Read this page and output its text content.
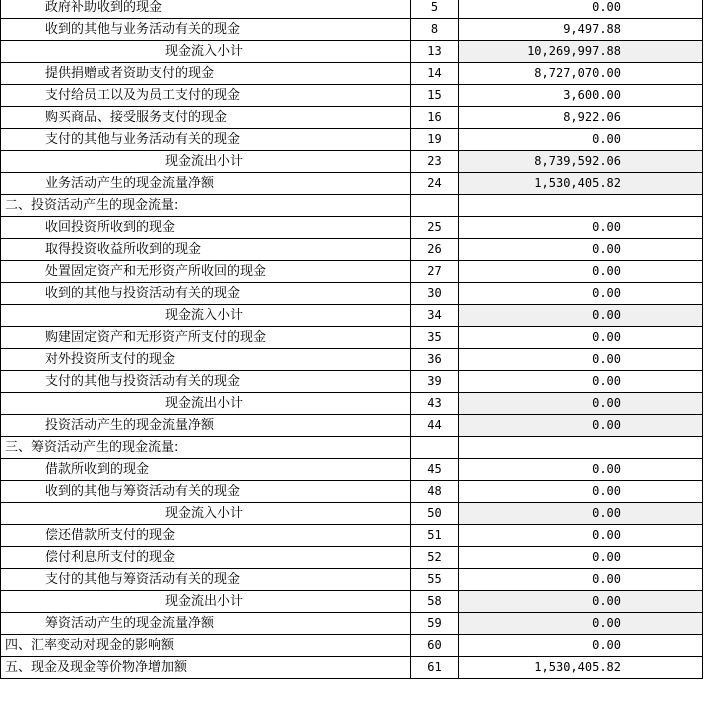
政府补助收到的现金	5	0.00
收到的其他与业务活动有关的现金	8	9,497.88
现金流入小计	13	10,269,997.88
提供捐赠或者资助支付的现金	14	8,727,070.00
支付给员工以及为员工支付的现金	15	3,600.00
购买商品、接受服务支付的现金	16	8,922.06
支付的其他与业务活动有关的现金	19	0.00
现金流出小计	23	8,739,592.06
业务活动产生的现金流量净额	24	1,530,405.82
二、投资活动产生的现金流量:		
收回投资所收到的现金	25	0.00
取得投资收益所收到的现金	26	0.00
处置固定资产和无形资产所收回的现金	27	0.00
收到的其他与投资活动有关的现金	30	0.00
现金流入小计	34	0.00
购建固定资产和无形资产所支付的现金	35	0.00
对外投资所支付的现金	36	0.00
支付的其他与投资活动有关的现金	39	0.00
现金流出小计	43	0.00
投资活动产生的现金流量净额	44	0.00
三、筹资活动产生的现金流量:		
借款所收到的现金	45	0.00
收到的其他与筹资活动有关的现金	48	0.00
现金流入小计	50	0.00
偿还借款所支付的现金	51	0.00
偿付利息所支付的现金	52	0.00
支付的其他与筹资活动有关的现金	55	0.00
现金流出小计	58	0.00
筹资活动产生的现金流量净额	59	0.00
四、汇率变动对现金的影响额	60	0.00
五、现金及现金等价物净增加额	61	1,530,405.82
